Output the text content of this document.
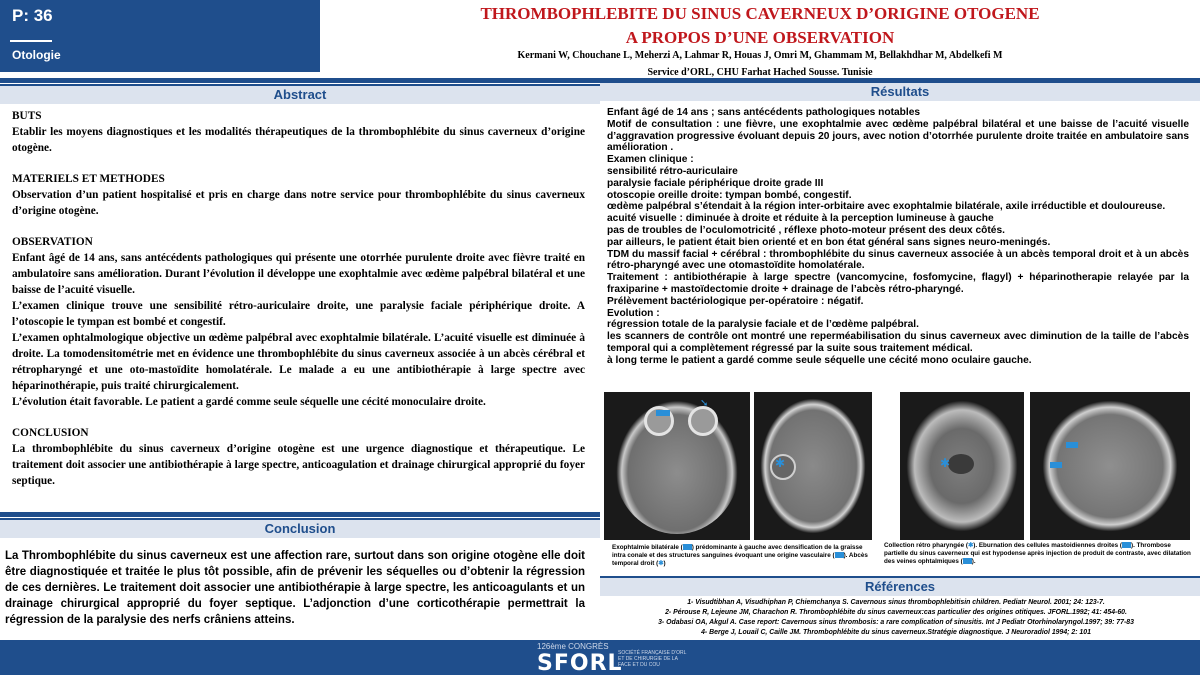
P: 36
Otologie
THROMBOPHLEBITE DU SINUS CAVERNEUX D’ORIGINE OTOGENE
A PROPOS D’UNE OBSERVATION
Kermani W, Chouchane L, Meherzi A, Lahmar R, Houas J, Omri M, Ghammam M, Bellakhdhar M, Abdelkefi M
Service d’ORL, CHU Farhat Hached Sousse. Tunisie
Abstract

BUTS

Etablir les moyens diagnostiques et les modalités thérapeutiques de la thrombophlébite du sinus caverneux d’origine otogène.

MATERIELS ET METHODES

Observation d’un patient hospitalisé et pris en charge dans notre service pour thrombophlébite du sinus caverneux d’origine otogène.

OBSERVATION

Enfant âgé de 14 ans, sans antécédents pathologiques qui présente une otorrhée purulente droite avec fièvre traité en ambulatoire sans amélioration. Durant l’évolution il développe une exophtalmie avec œdème palpébral bilatéral et une baisse de l’acuité visuelle.

L’examen clinique trouve une sensibilité rétro-auriculaire droite, une paralysie faciale périphérique droite. A l’otoscopie le tympan est bombé et congestif.

L’examen ophtalmologique objective un œdème palpébral avec exophtalmie bilatérale. L’acuité visuelle est diminuée à droite. La tomodensitométrie met en évidence une thrombophlébite du sinus caverneux associée à un abcès cérébral et rétropharyngé et une oto-mastoïdite homolatérale. Le malade a eu une antibiothérapie à large spectre avec héparinothérapie, puis traité chirurgicalement.

L’évolution était favorable. Le patient a gardé comme seule séquelle une cécité monoculaire droite.

CONCLUSION

La thrombophlébite du sinus caverneux d’origine otogène est une urgence diagnostique et thérapeutique. Le traitement doit associer une antibiothérapie à large spectre, anticoagulation et drainage chirurgical approprié du foyer septique.

Conclusion
La Thrombophlébite du sinus caverneux est une affection rare, surtout dans son origine otogène elle doit être diagnostiquée et traitée le plus tôt possible, afin de prévenir les séquelles ou d’obtenir la régression de ces dernières. Le traitement doit associer une antibiothérapie à large spectre, les anticoagulants et un drainage chirurgical approprié du foyer septique. L’adjonction d’une corticothérapie permettrait la régression de la paralysie des nerfs crâniens atteins.
Résultats

Enfant âgé de 14 ans ; sans antécédents pathologiques notables

Motif de consultation : une fièvre, une exophtalmie avec œdème palpébral bilatéral et une baisse de l’acuité visuelle d’aggravation progressive évoluant depuis 20 jours, avec notion d’otorrhée purulente droite traitée en ambulatoire sans amélioration .

Examen clinique :

sensibilité rétro-auriculaire

paralysie faciale périphérique droite grade III

otoscopie oreille droite: tympan bombé, congestif.

œdème palpébral s’étendait à la région inter-orbitaire avec exophtalmie bilatérale, axile irréductible et douloureuse.

acuité visuelle : diminuée à droite et réduite à la perception lumineuse à gauche

pas de troubles de l’oculomotricité , réflexe photo-moteur présent des deux côtés.

par ailleurs, le patient était bien orienté et en bon état général sans signes neuro-meningés.

TDM du massif facial + cérébral : thrombophlébite du sinus caverneux associée à un abcès temporal droit et à un abcès rétro-pharyngé avec une otomastoïdite homolatérale.

Traitement : antibiothérapie à large spectre (vancomycine, fosfomycine, flagyl) + héparinotherapie relayée par la fraxiparine + mastoïdectomie droite + drainage de l’abcès rétro-pharyngé.

Prélèvement bactériologique per-opératoire : négatif.

Evolution :

régression totale de la paralysie faciale et de l’œdème palpébral.

les scanners de contrôle ont montré une reperméabilisation du sinus caverneux avec diminution de la taille de l’abcès temporal qui a complètement régressé par la suite sous traitement médical.

à long terme le patient a gardé comme seule séquelle une cécité mono oculaire gauche.

➘
✱	✱
Exophtalmie bilatérale ( ) prédominante à gauche avec densification de la graisse intra conale et des structures sanguines évoquant une origine vasculaire ( ). Abcès temporal droit (✱)
Collection rétro pharyngée (✱). Eburnation des cellules mastoidiennes droites ( ). Thrombose partielle du sinus caverneux qui est hypodense après injection de produit de contraste, avec dilatation des veines ophtalmiques ( ).
Références
1- Visudtibhan A, Visudhiphan P, Chiemchanya S. Cavernous sinus thrombophlebitisin children. Pediatr Neurol. 2001; 24: 123-7.
2- Pérouse R, Lejeune JM, Charachon R. Thrombophlébite du sinus caverneux:cas particulier des origines otitiques. JFORL.1992; 41: 454-60.
3- Odabasi OA, Akgul A. Case report: Cavernous sinus thrombosis: a rare complication of sinusitis. Int J Pediatr Otorhinolaryngol.1997; 39: 77-83
4- Berge J, Louail C, Caille JM. Thrombophlébite du sinus caverneux.Stratégie diagnostique. J Neuroradiol 1994; 2: 101
126ème CONGRÈS
SFORL
SOCIÉTÉ FRANÇAISE D’ORL ET DE CHIRURGIE DE LA FACE ET DU COU
